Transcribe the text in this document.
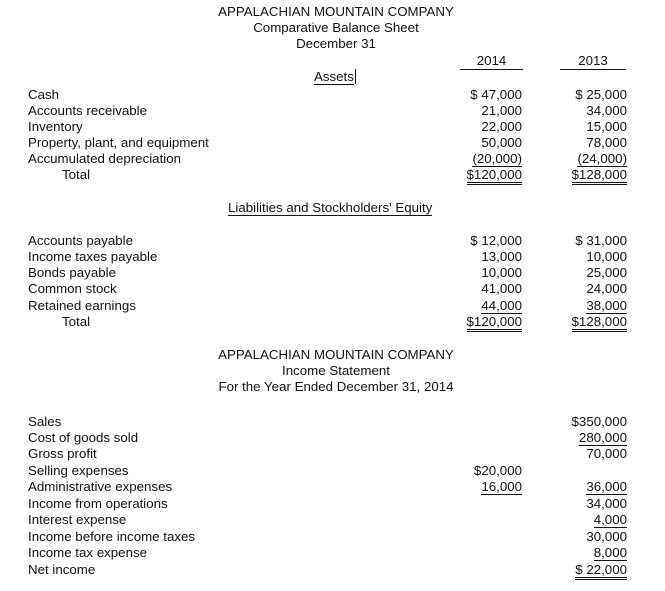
APPALACHIAN MOUNTAIN COMPANY
Comparative Balance Sheet
December 31
2014	2013
Assets
Cash
Accounts receivable
Inventory
Property, plant, and equipment
Accumulated depreciation
Total
$ 47,000
21,000
22,000
50,000
(20,000)
$120,000
$ 25,000
34,000
15,000
78,000
(24,000)
$128,000
Liabilities and Stockholders' Equity
Accounts payable
Income taxes payable
Bonds payable
Common stock
Retained earnings
Total
$ 12,000
13,000
10,000
41,000
44,000
$120,000
$ 31,000
10,000
25,000
24,000
38,000
$128,000
APPALACHIAN MOUNTAIN COMPANY
Income Statement
For the Year Ended December 31, 2014
Sales
Cost of goods sold
Gross profit
Selling expenses
Administrative expenses
Income from operations
Interest expense
Income before income taxes
Income tax expense
Net income
$20,000
16,000
$350,000
280,000
70,000
36,000
34,000
4,000
30,000
8,000
$ 22,000
